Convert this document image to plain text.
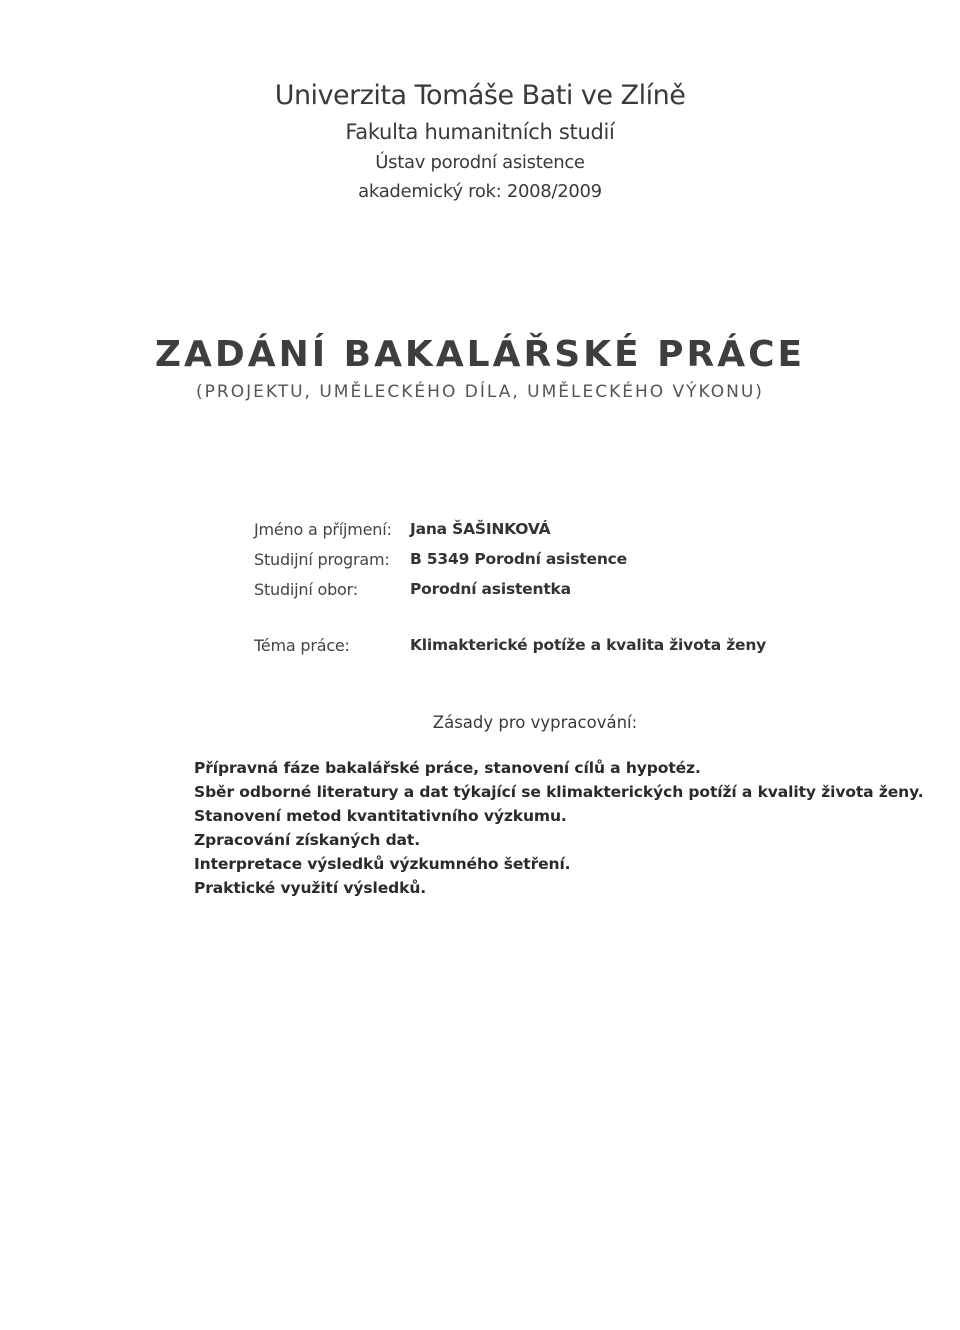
Univerzita Tomáše Bati ve Zlíně
Fakulta humanitních studií
Ústav porodní asistence
akademický rok: 2008/2009
ZADÁNÍ BAKALÁŘSKÉ PRÁCE
(PROJEKTU, UMĚLECKÉHO DÍLA, UMĚLECKÉHO VÝKONU)
Jméno a příjmení:	Jana ŠAŠINKOVÁ
Studijní program:	B 5349 Porodní asistence
Studijní obor:	Porodní asistentka
Téma práce:	Klimakterické potíže a kvalita života ženy
Zásady pro vypracování:
Přípravná fáze bakalářské práce, stanovení cílů a hypotéz.
Sběr odborné literatury a dat týkající se klimakterických potíží a kvality života ženy.
Stanovení metod kvantitativního výzkumu.
Zpracování získaných dat.
Interpretace výsledků výzkumného šetření.
Praktické využití výsledků.
